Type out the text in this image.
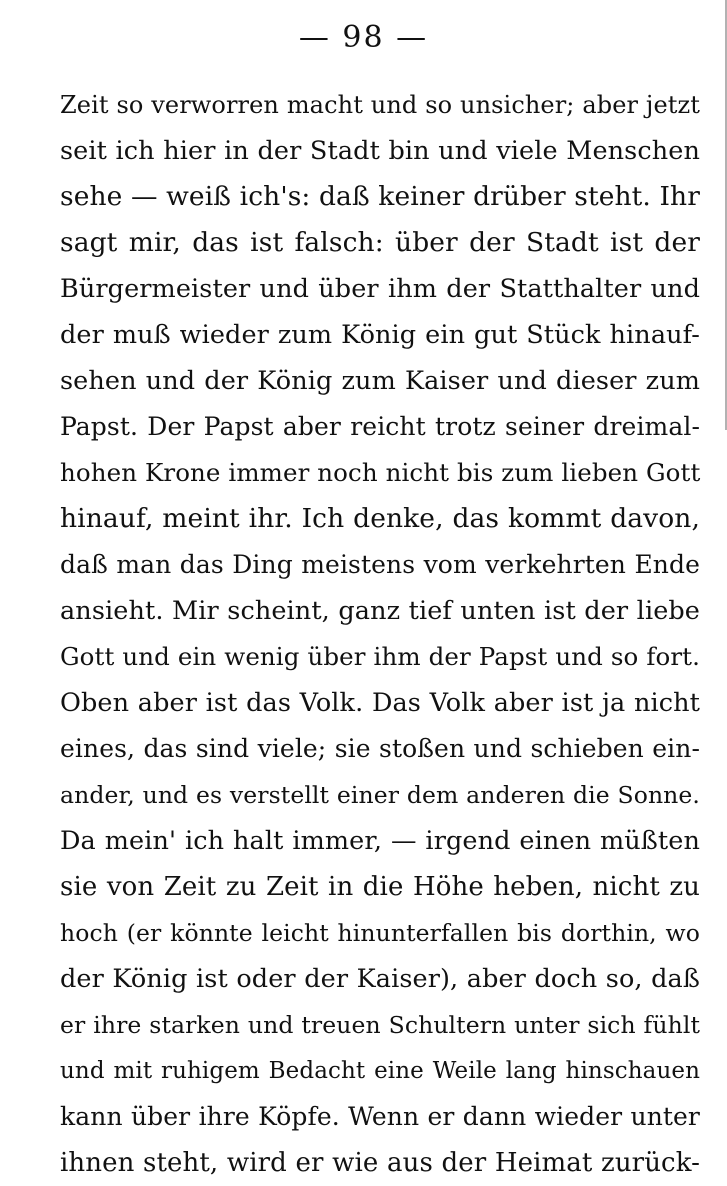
— 98 —
Zeit so verworren macht und so unsicher; aber jetzt
seit ich hier in der Stadt bin und viele Menschen
sehe — weiß ich's: daß keiner drüber steht. Ihr
sagt mir, das ist falsch: über der Stadt ist der
Bürgermeister und über ihm der Statthalter und
der muß wieder zum König ein gut Stück hinauf-
sehen und der König zum Kaiser und dieser zum
Papst. Der Papst aber reicht trotz seiner dreimal-
hohen Krone immer noch nicht bis zum lieben Gott
hinauf, meint ihr. Ich denke, das kommt davon,
daß man das Ding meistens vom verkehrten Ende
ansieht. Mir scheint, ganz tief unten ist der liebe
Gott und ein wenig über ihm der Papst und so fort.
Oben aber ist das Volk. Das Volk aber ist ja nicht
eines, das sind viele; sie stoßen und schieben ein-
ander, und es verstellt einer dem anderen die Sonne.
Da mein' ich halt immer, — irgend einen müßten
sie von Zeit zu Zeit in die Höhe heben, nicht zu
hoch (er könnte leicht hinunterfallen bis dorthin, wo
der König ist oder der Kaiser), aber doch so, daß
er ihre starken und treuen Schultern unter sich fühlt
und mit ruhigem Bedacht eine Weile lang hinschauen
kann über ihre Köpfe. Wenn er dann wieder unter
ihnen steht, wird er wie aus der Heimat zurück-
